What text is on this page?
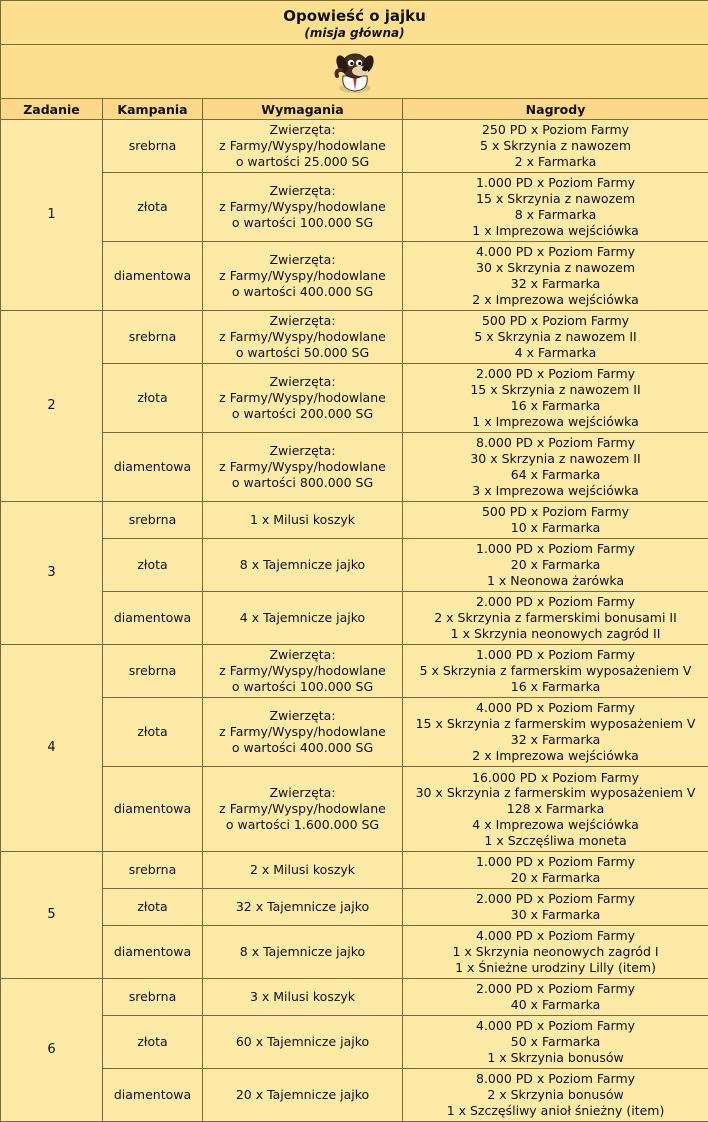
Opowieść o jajku
(misja główna)			

Zadanie	Kampania	Wymagania	Nagrody
1	srebrna	Zwierzęta:
z Farmy/Wyspy/hodowlane
o wartości 25.000 SG	250 PD x Poziom Farmy
5 x Skrzynia z nawozem
2 x Farmarka

	złota	Zwierzęta:
z Farmy/Wyspy/hodowlane
o wartości 100.000 SG	1.000 PD x Poziom Farmy
15 x Skrzynia z nawozem
8 x Farmarka
1 x Imprezowa wejściówka

	diamentowa	Zwierzęta:
z Farmy/Wyspy/hodowlane
o wartości 400.000 SG	4.000 PD x Poziom Farmy
30 x Skrzynia z nawozem
32 x Farmarka
2 x Imprezowa wejściówka

2	srebrna	Zwierzęta:
z Farmy/Wyspy/hodowlane
o wartości 50.000 SG	500 PD x Poziom Farmy
5 x Skrzynia z nawozem II
4 x Farmarka

	złota	Zwierzęta:
z Farmy/Wyspy/hodowlane
o wartości 200.000 SG	2.000 PD x Poziom Farmy
15 x Skrzynia z nawozem II
16 x Farmarka
1 x Imprezowa wejściówka

	diamentowa	Zwierzęta:
z Farmy/Wyspy/hodowlane
o wartości 800.000 SG	8.000 PD x Poziom Farmy
30 x Skrzynia z nawozem II
64 x Farmarka
3 x Imprezowa wejściówka

3	srebrna	1 x Milusi koszyk	500 PD x Poziom Farmy
10 x Farmarka

	złota	8 x Tajemnicze jajko	1.000 PD x Poziom Farmy
20 x Farmarka
1 x Neonowa żarówka

	diamentowa	4 x Tajemnicze jajko	2.000 PD x Poziom Farmy
2 x Skrzynia z farmerskimi bonusami II
1 x Skrzynia neonowych zagród II

4	srebrna	Zwierzęta:
z Farmy/Wyspy/hodowlane
o wartości 100.000 SG	1.000 PD x Poziom Farmy
5 x Skrzynia z farmerskim wyposażeniem V
16 x Farmarka

	złota	Zwierzęta:
z Farmy/Wyspy/hodowlane
o wartości 400.000 SG	4.000 PD x Poziom Farmy
15 x Skrzynia z farmerskim wyposażeniem V
32 x Farmarka
2 x Imprezowa wejściówka

	diamentowa	Zwierzęta:
z Farmy/Wyspy/hodowlane
o wartości 1.600.000 SG	16.000 PD x Poziom Farmy
30 x Skrzynia z farmerskim wyposażeniem V
128 x Farmarka
4 x Imprezowa wejściówka
1 x Szczęśliwa moneta

5	srebrna	2 x Milusi koszyk	1.000 PD x Poziom Farmy
20 x Farmarka

	złota	32 x Tajemnicze jajko	2.000 PD x Poziom Farmy
30 x Farmarka

	diamentowa	8 x Tajemnicze jajko	4.000 PD x Poziom Farmy
1 x Skrzynia neonowych zagród I
1 x Śnieżne urodziny Lilly (item)

6	srebrna	3 x Milusi koszyk	2.000 PD x Poziom Farmy
40 x Farmarka

	złota	60 x Tajemnicze jajko	4.000 PD x Poziom Farmy
50 x Farmarka
1 x Skrzynia bonusów

	diamentowa	20 x Tajemnicze jajko	8.000 PD x Poziom Farmy
2 x Skrzynia bonusów
1 x Szczęśliwy anioł śnieżny (item)
